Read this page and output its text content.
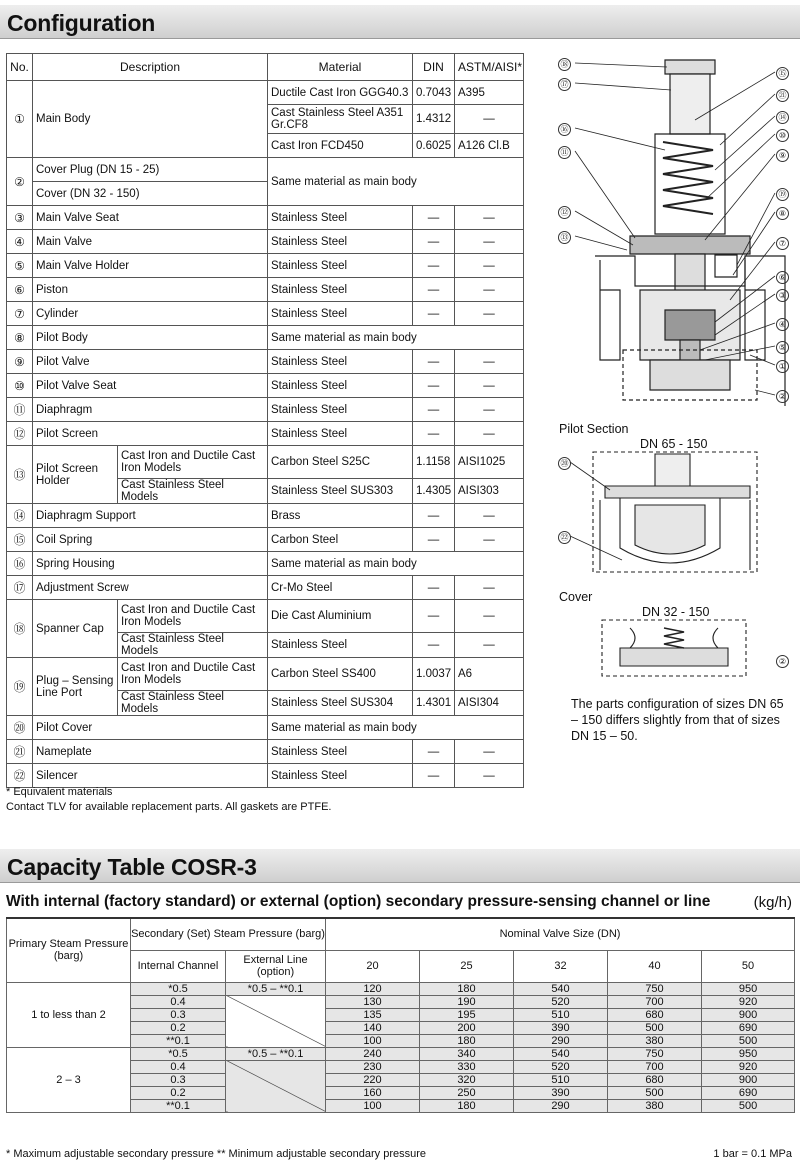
Configuration
No.	Description		Material	DIN	ASTM/AISI*
①	Main Body		Ductile Cast Iron GGG40.3	0.7043	A395
			Cast Stainless Steel A351 Gr.CF8	1.4312	—
			Cast Iron FCD450	0.6025	A126 Cl.B
②	Cover Plug (DN 15 - 25)		Same material as main body		
	Cover (DN 32 - 150)				
③	Main Valve Seat		Stainless Steel	—	—
④	Main Valve		Stainless Steel	—	—
⑤	Main Valve Holder		Stainless Steel	—	—
⑥	Piston		Stainless Steel	—	—
⑦	Cylinder		Stainless Steel	—	—
⑧	Pilot Body		Same material as main body		
⑨	Pilot Valve		Stainless Steel	—	—
⑩	Pilot Valve Seat		Stainless Steel	—	—
⑪	Diaphragm		Stainless Steel	—	—
⑫	Pilot Screen		Stainless Steel	—	—
⑬	Pilot Screen Holder	Cast Iron and Ductile Cast Iron Models	Carbon Steel S25C	1.1158	AISI1025
		Cast Stainless Steel Models	Stainless Steel SUS303	1.4305	AISI303
⑭	Diaphragm Support		Brass	—	—
⑮	Coil Spring		Carbon Steel	—	—
⑯	Spring Housing		Same material as main body		
⑰	Adjustment Screw		Cr-Mo Steel	—	—
⑱	Spanner Cap	Cast Iron and Ductile Cast Iron Models	Die Cast Aluminium	—	—
		Cast Stainless Steel Models	Stainless Steel	—	—
⑲	Plug – Sensing Line Port	Cast Iron and Ductile Cast Iron Models	Carbon Steel SS400	1.0037	A6
		Cast Stainless Steel Models	Stainless Steel SUS304	1.4301	AISI304
⑳	Pilot Cover		Same material as main body		
㉑	Nameplate		Stainless Steel	—	—
㉒	Silencer		Stainless Steel	—	—
* Equivalent materials
Contact TLV for available replacement parts. All gaskets are PTFE.
⑱
⑰
⑯
⑪
⑫
⑬
⑮
㉑
⑭
⑩
⑨
⑲
⑧
⑦
⑥
③
④
⑤
①
②
Pilot Section
DN 65 - 150
⑳
㉒
Cover
DN 32 - 150
②
The parts configuration of sizes DN 65 – 150 differs slightly from that of sizes DN 15 – 50.
Capacity Table COSR-3
With internal (factory standard) or external (option) secondary pressure-sensing channel or line	(kg/h)
Primary Steam Pressure (barg)	Secondary (Set) Steam Pressure (barg)		Nominal Valve Size (DN)				
	Internal Channel	External Line (option)	20	25	32	40	50
1 to less than 2	*0.5	*0.5 – **0.1	120	180	540	750	950
	0.4		130	190	520	700	920
	0.3		135	195	510	680	900
	0.2		140	200	390	500	690
	**0.1		100	180	290	380	500
2 – 3	*0.5	*0.5 – **0.1	240	340	540	750	950
	0.4		230	330	520	700	920
	0.3		220	320	510	680	900
	0.2		160	250	390	500	690
	**0.1		100	180	290	380	500
* Maximum adjustable secondary pressure ** Minimum adjustable secondary pressure	1 bar = 0.1 MPa
